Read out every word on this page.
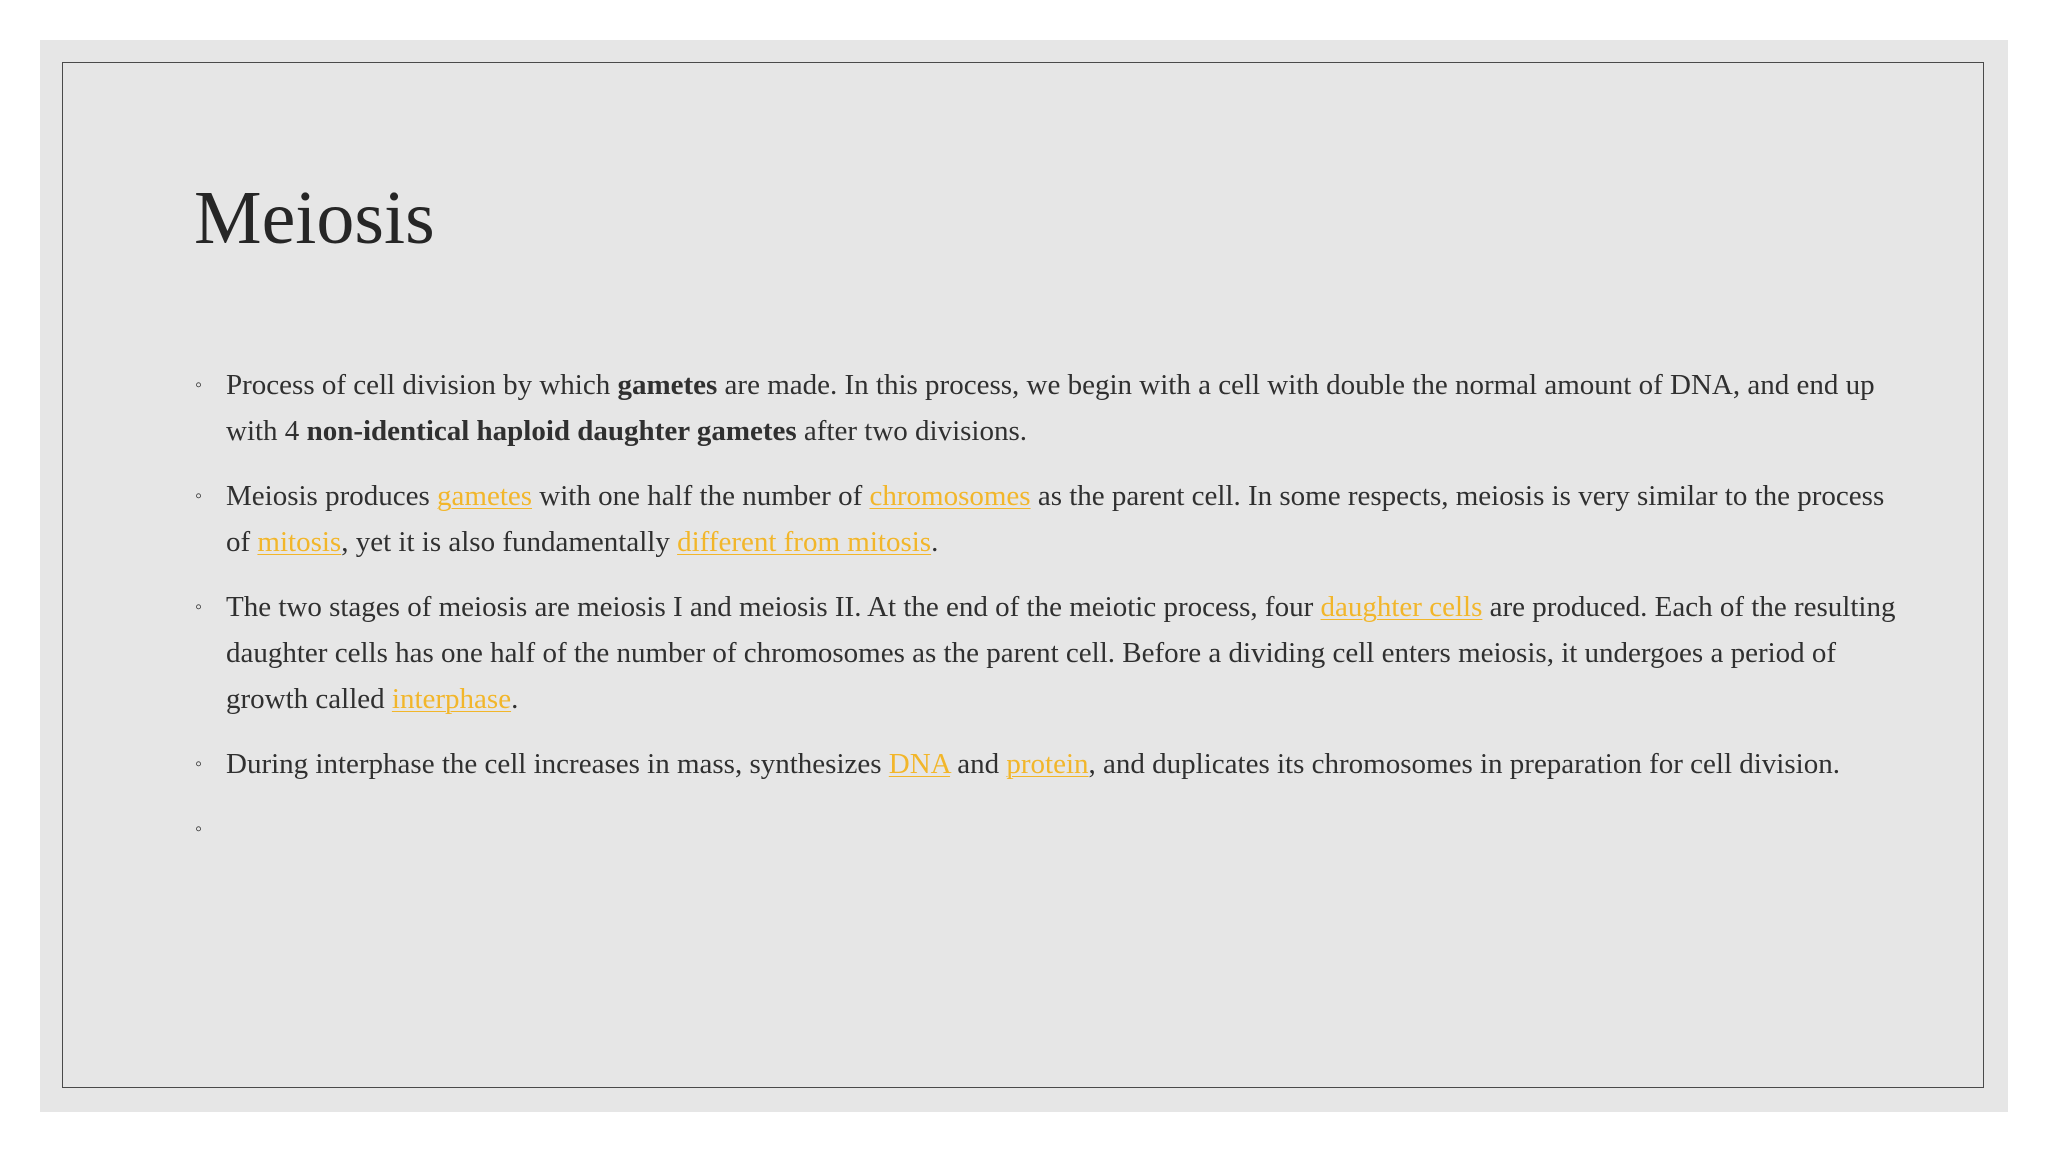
Meiosis
◦
Process of cell division by which gametes are made. In this process, we begin with a cell with double the normal amount of DNA, and end up with 4 non-identical haploid daughter gametes after two divisions.
◦
Meiosis produces gametes with one half the number of chromosomes as the parent cell. In some respects, meiosis is very similar to the process of mitosis, yet it is also fundamentally different from mitosis.
◦
The two stages of meiosis are meiosis I and meiosis II. At the end of the meiotic process, four daughter cells are produced. Each of the resulting daughter cells has one half of the number of chromosomes as the parent cell. Before a dividing cell enters meiosis, it undergoes a period of growth called interphase.
◦
During interphase the cell increases in mass, synthesizes DNA and protein, and duplicates its chromosomes in preparation for cell division.
◦
